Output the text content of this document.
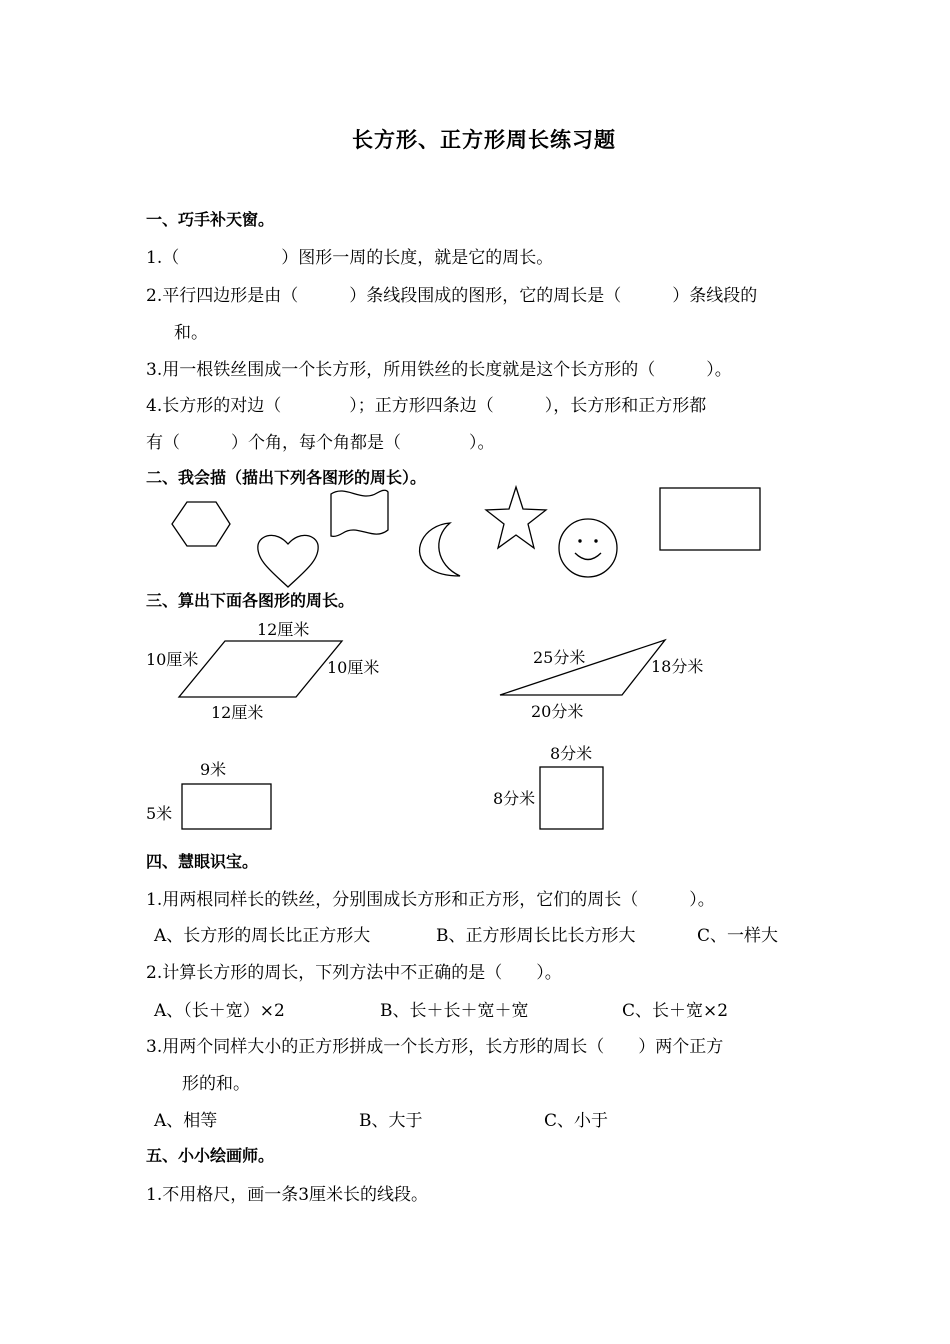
长方形、正方形周长练习题
一、巧手补天窗。
1.（　　　　　　）图形一周的长度，就是它的周长。
2.平行四边形是由（　　　）条线段围成的图形，它的周长是（　　　）条线段的
和。
3.用一根铁丝围成一个长方形，所用铁丝的长度就是这个长方形的（　　　）。
4.长方形的对边（　　　　）；正方形四条边（　　　），长方形和正方形都
有（　　　）个角，每个角都是（　　　　）。
二、我会描（描出下列各图形的周长）。
三、算出下面各图形的周长。
12厘米
10厘米	10厘米
12厘米
25分米	18分米
20分米
9米
5米
8分米
8分米
四、慧眼识宝。
1.用两根同样长的铁丝，分别围成长方形和正方形，它们的周长（　　　）。
A、长方形的周长比正方形大	B、正方形周长比长方形大	C、一样大
2.计算长方形的周长，下列方法中不正确的是（　　）。
A、（长＋宽）×2	B、长＋长＋宽＋宽	C、长＋宽×2
3.用两个同样大小的正方形拼成一个长方形，长方形的周长（　　）两个正方
形的和。
A、相等	B、大于	C、小于
五、小小绘画师。
1.不用格尺，画一条3厘米长的线段。
